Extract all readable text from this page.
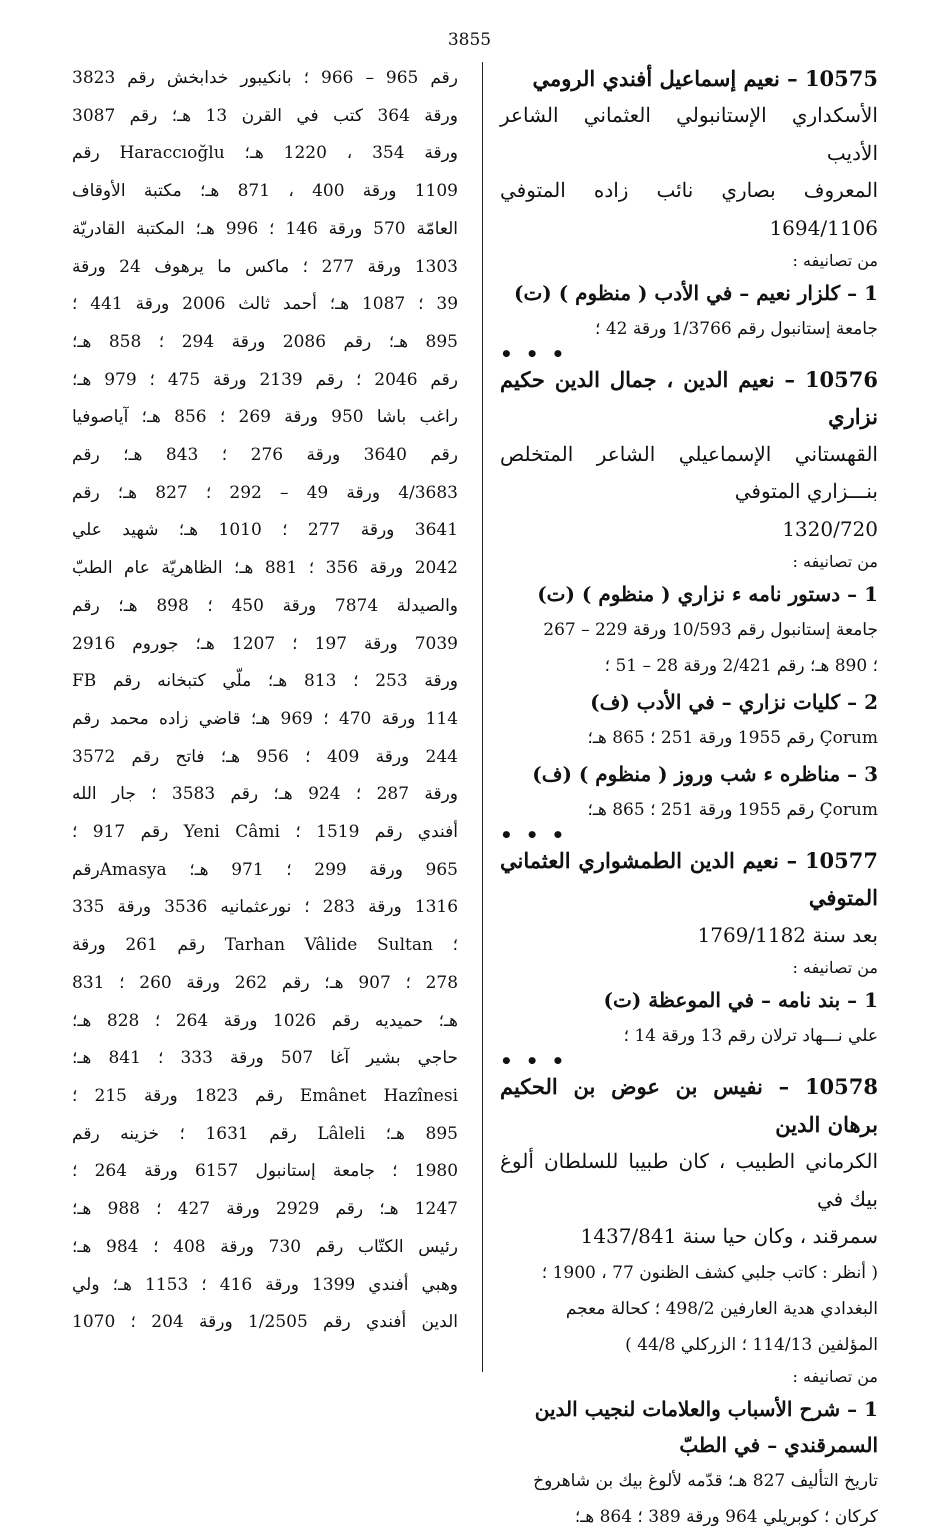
3855
10575 – نعيم إسماعيل أفندي الرومي
الأسكداري الإستانبولي العثماني الشاعر الأديب
المعروف بصاري نائب زاده المتوفي 1694/1106
من تصانيفه :
1 – كلزار نعيم – في الأدب ( منظوم ) (ت)
جامعة إستانبول رقم 1/3766 ورقة 42 ؛
• • •
10576 – نعيم الدين ، جمال الدين حكيم نزاري
القهستاني الإسماعيلي الشاعر المتخلص بنـــزاري المتوفي
1320/720
من تصانيفه :
1 – دستور نامه ء نزاري ( منظوم ) (ت)
جامعة إستانبول رقم 10/593 ورقة 229 – 267
؛ 890 هـ؛ رقم 2/421 ورقة 28 – 51 ؛
2 – كليات نزاري – في الأدب (ف)
Çorum رقم 1955 ورقة 251 ؛ 865 هـ؛
3 – مناظره ء شب وروز ( منظوم ) (ف)
Çorum رقم 1955 ورقة 251 ؛ 865 هـ؛
• • •
10577 – نعيم الدين الطمشواري العثماني المتوفي
بعد سنة 1769/1182
من تصانيفه :
1 – بند نامه – في الموعظة (ت)
علي نـــهاد ترلان رقم 13 ورقة 14 ؛
• • •
10578 – نفيس بن عوض بن الحكيم برهان الدين
الكرماني الطبيب ، كان طبيبا للسلطان ألوغ بيك في
سمرقند ، وكان حيا سنة 1437/841
( أنظر : كاتب جلبي كشف الظنون 77 ، 1900 ؛
البغدادي هدية العارفين 498/2 ؛ كحالة معجم
المؤلفين 114/13 ؛ الزركلي 44/8 )
من تصانيفه :
1 – شرح الأسباب والعلامات لنجيب الدين
السمرقندي – في الطبّ
تاريخ التأليف 827 هـ؛ قدّمه لألوغ بيك بن شاهروخ
كركان ؛ كوبريلي 964 ورقة 389 ؛ 864 هـ؛
رقم 965 – 966 ؛ بانكيبور خدابخش رقم 3823
ورقة 364 كتب في القرن 13 هـ؛ رقم 3087
ورقة 354 ، 1220 هـ؛ Haraccıoğlu رقم
1109 ورقة 400 ، 871 هـ؛ مكتبة الأوقاف
العامّة 570 ورقة 146 ؛ 996 هـ؛ المكتبة القادريّة
1303 ورقة 277 ؛ ماكس ما يرهوف 24 ورقة
39 ؛ 1087 هـ؛ أحمد ثالث 2006 ورقة 441 ؛
895 هـ؛ رقم 2086 ورقة 294 ؛ 858 هـ؛
رقم 2046 ؛ رقم 2139 ورقة 475 ؛ 979 هـ؛
راغب باشا 950 ورقة 269 ؛ 856 هـ؛ آياصوفيا
رقم 3640 ورقة 276 ؛ 843 هـ؛ رقم
4/3683 ورقة 49 – 292 ؛ 827 هـ؛ رقم
3641 ورقة 277 ؛ 1010 هـ؛ شهيد علي
2042 ورقة 356 ؛ 881 هـ؛ الظاهريّة عام الطبّ
والصيدلة 7874 ورقة 450 ؛ 898 هـ؛ رقم
7039 ورقة 197 ؛ 1207 هـ؛ جوروم 2916
ورقة 253 ؛ 813 هـ؛ ملّي كتبخانه رقم FB
114 ورقة 470 ؛ 969 هـ؛ قاضي زاده محمد رقم
244 ورقة 409 ؛ 956 هـ؛ فاتح رقم 3572
ورقة 287 ؛ 924 هـ؛ رقم 3583 ؛ جار الله
أفندي رقم 1519 ؛ Yeni Câmi رقم 917 ؛
965 ورقة 299 ؛ 971 هـ؛ Amasyaرقم
1316 ورقة 283 ؛ نورعثمانيه 3536 ورقة 335
؛ Tarhan Vâlide Sultan رقم 261 ورقة
278 ؛ 907 هـ؛ رقم 262 ورقة 260 ؛ 831
هـ؛ حميديه رقم 1026 ورقة 264 ؛ 828 هـ؛
حاجي بشير آغا 507 ورقة 333 ؛ 841 هـ؛
Emânet Hazînesi رقم 1823 ورقة 215 ؛
895 هـ؛ Lâleli رقم 1631 ؛ خزينه رقم
1980 ؛ جامعة إستانبول 6157 ورقة 264 ؛
1247 هـ؛ رقم 2929 ورقة 427 ؛ 988 هـ؛
رئيس الكتّاب رقم 730 ورقة 408 ؛ 984 هـ؛
وهبي أفندي 1399 ورقة 416 ؛ 1153 هـ؛ ولي
الدين أفندي رقم 1/2505 ورقة 204 ؛ 1070
